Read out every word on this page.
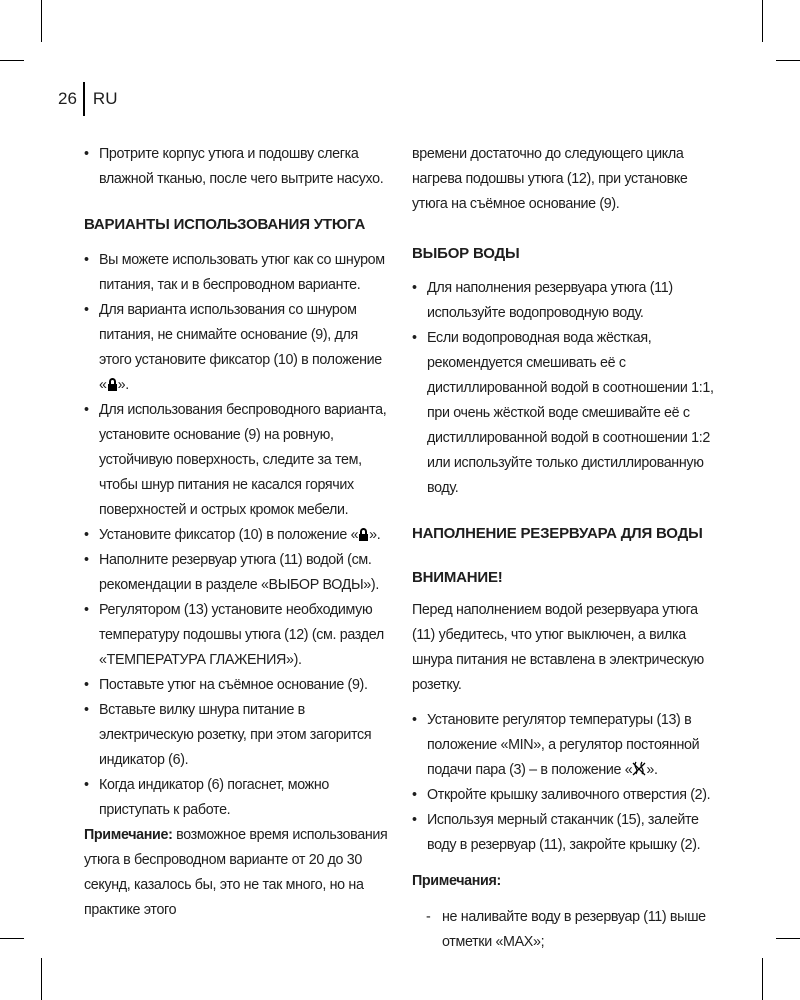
26 RU
• Протрите корпус утюга и подошву слегка влажной тканью, после чего вытрите насухо.
ВАРИАНТЫ ИСПОЛЬЗОВАНИЯ УТЮГА
• Вы можете использовать утюг как со шнуром питания, так и в беспроводном варианте.
• Для варианта использования со шнуром питания, не снимайте основание (9), для этого установите фиксатор (10) в положение « ».
• Для использования беспроводного варианта, установите основание (9) на ровную, устойчивую поверхность, следите за тем, чтобы шнур питания не касался горячих поверхностей и острых кромок мебели.
• Установите фиксатор (10) в положение « ».
• Наполните резервуар утюга (11) водой (см. рекомендации в разделе «ВЫБОР ВОДЫ»).
• Регулятором (13) установите необходимую температуру подошвы утюга (12) (см. раздел «ТЕМПЕРАТУРА ГЛАЖЕНИЯ»).
• Поставьте утюг на съёмное основание (9).
• Вставьте вилку шнура питание в электрическую розетку, при этом загорится индикатор (6).
• Когда индикатор (6) погаснет, можно приступать к работе.

Примечание: возможное время использования утюга в беспроводном варианте от 20 до 30 секунд, казалось бы, это не так много, но на практике этого

времени достаточно до следующего цикла нагрева подошвы утюга (12), при установке утюга на съёмное основание (9).

ВЫБОР ВОДЫ
• Для наполнения резервуара утюга (11) используйте водопроводную воду.
• Если водопроводная вода жёсткая, рекомендуется смешивать её с дистиллированной водой в соотношении 1:1, при очень жёсткой воде смешивайте её с дистиллированной водой в соотношении 1:2 или используйте только дистиллированную воду.
НАПОЛНЕНИЕ РЕЗЕРВУАРА ДЛЯ ВОДЫ
ВНИМАНИЕ!

Перед наполнением водой резервуара утюга (11) убедитесь, что утюг выключен, а вилка шнура питания не вставлена в электрическую розетку.

• Установите регулятор температуры (13) в положение «MIN», а регулятор постоянной подачи пара (3) – в положение « ».
• Откройте крышку заливочного отверстия (2).
• Используя мерный стаканчик (15), залейте воду в резервуар (11), закройте крышку (2).

Примечания:

- не наливайте воду в резервуар (11) выше отметки «MAX»;
